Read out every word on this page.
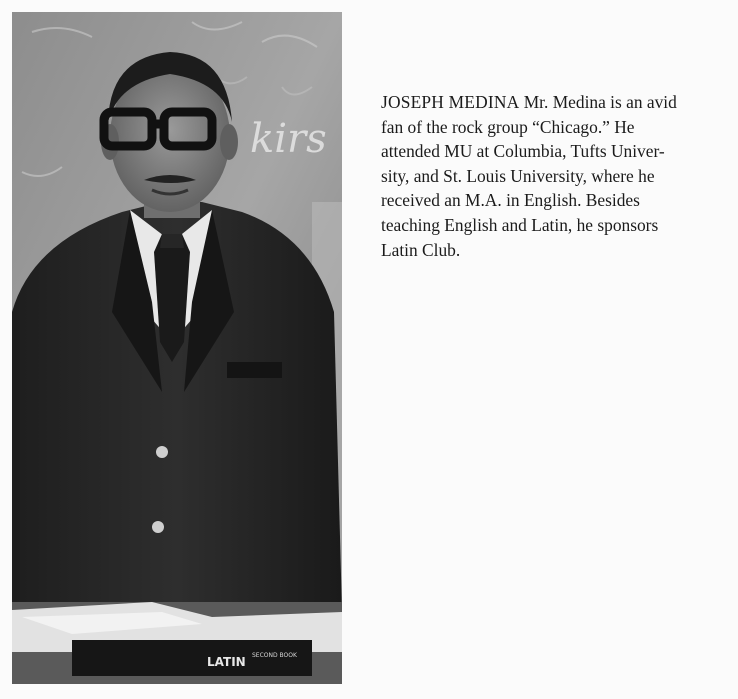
kirs
LATIN SECOND BOOK

JOSEPH MEDINA Mr. Medina is an avid
fan of the rock group “Chicago.” He
attended MU at Columbia, Tufts Univer-
sity, and St. Louis University, where he
received an M.A. in English. Besides
teaching English and Latin, he sponsors
Latin Club.
